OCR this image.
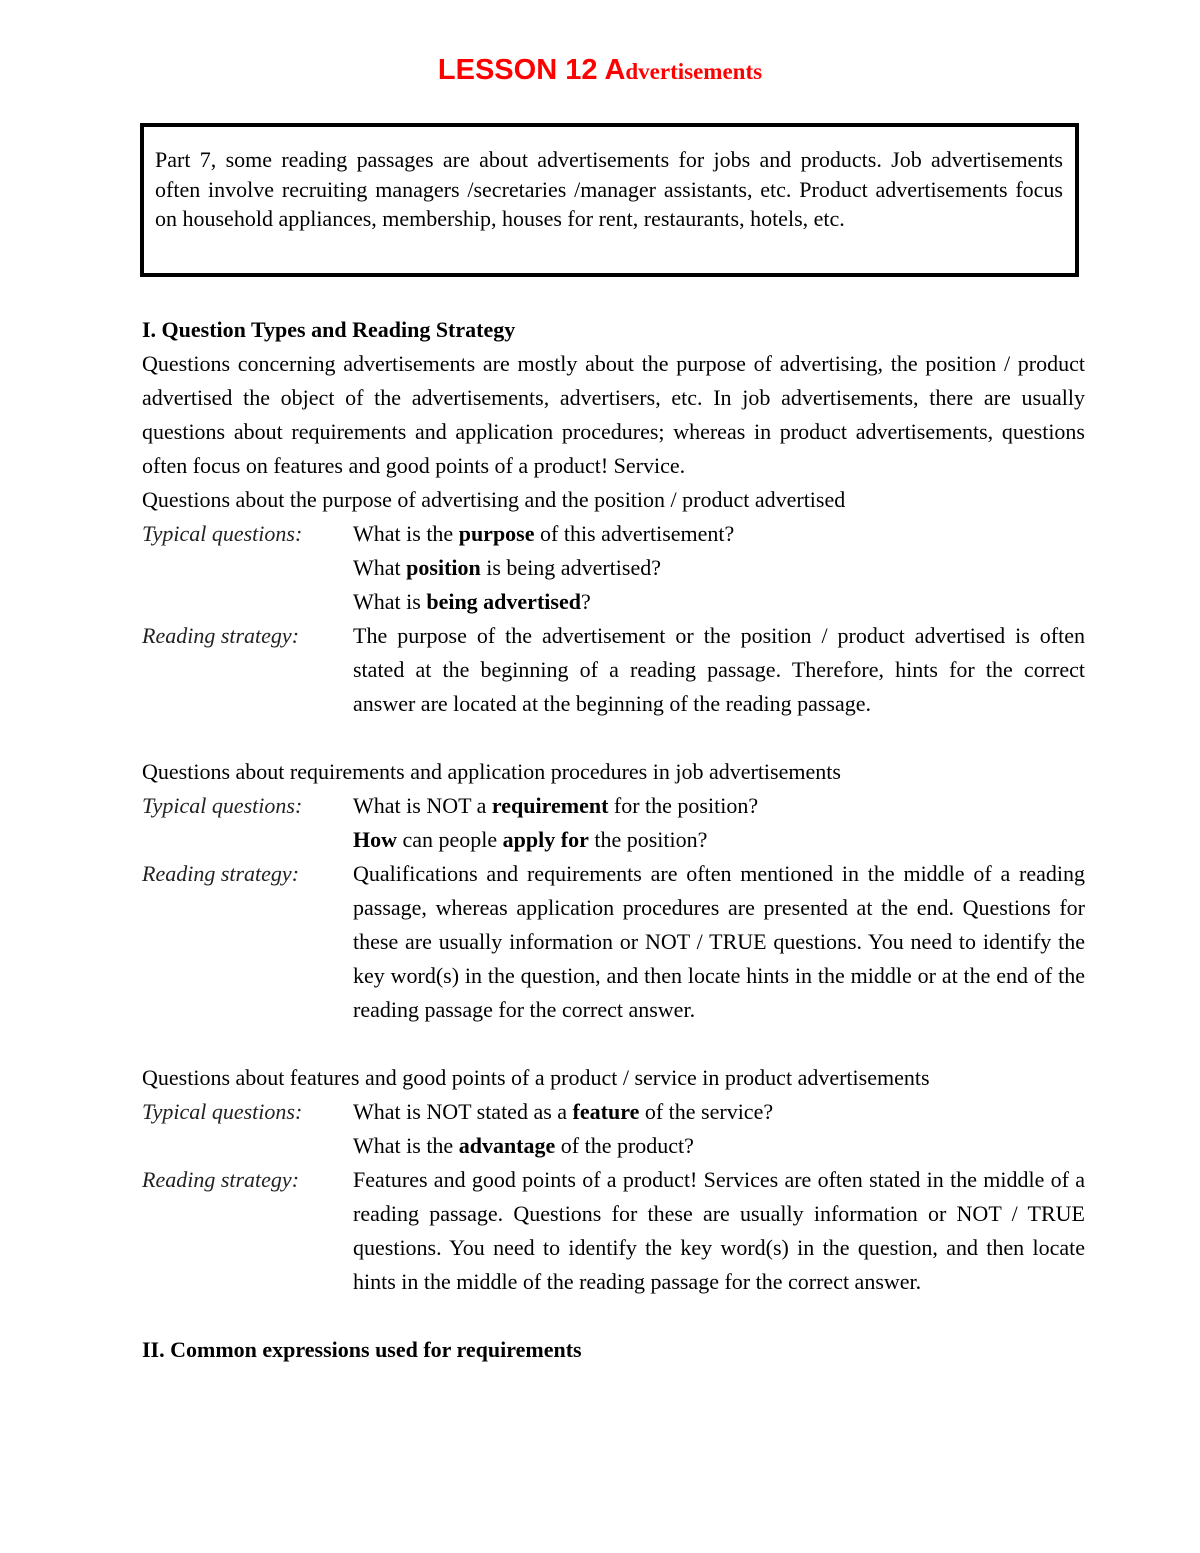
LESSON 12 Advertisements

Part 7, some reading passages are about advertisements for jobs and products. Job advertisements often involve recruiting managers /secretaries /manager assistants, etc. Product advertisements focus on household appliances, membership, houses for rent, restaurants, hotels, etc.

I. Question Types and Reading Strategy

Questions concerning advertisements are mostly about the purpose of advertising, the position / product advertised the object of the advertisements, advertisers, etc. In job advertisements, there are usually questions about requirements and application procedures; whereas in product advertisements, questions often focus on features and good points of a product! Service.

Questions about the purpose of advertising and the position / product advertised

Typical questions:	What is the purpose of this advertisement?
What position is being advertised?
What is being advertised?
Reading strategy:	The purpose of the advertisement or the position / product advertised is often stated at the beginning of a reading passage. Therefore, hints for the correct answer are located at the beginning of the reading passage.

Questions about requirements and application procedures in job advertisements

Typical questions:	What is NOT a requirement for the position?
How can people apply for the position?
Reading strategy:	Qualifications and requirements are often mentioned in the middle of a reading passage, whereas application procedures are presented at the end. Questions for these are usually information or NOT / TRUE questions. You need to identify the key word(s) in the question, and then locate hints in the middle or at the end of the reading passage for the correct answer.

Questions about features and good points of a product / service in product advertisements

Typical questions:	What is NOT stated as a feature of the service?
What is the advantage of the product?
Reading strategy:	Features and good points of a product! Services are often stated in the middle of a reading passage. Questions for these are usually information or NOT / TRUE questions. You need to identify the key word(s) in the question, and then locate hints in the middle of the reading passage for the correct answer.

II. Common expressions used for requirements
